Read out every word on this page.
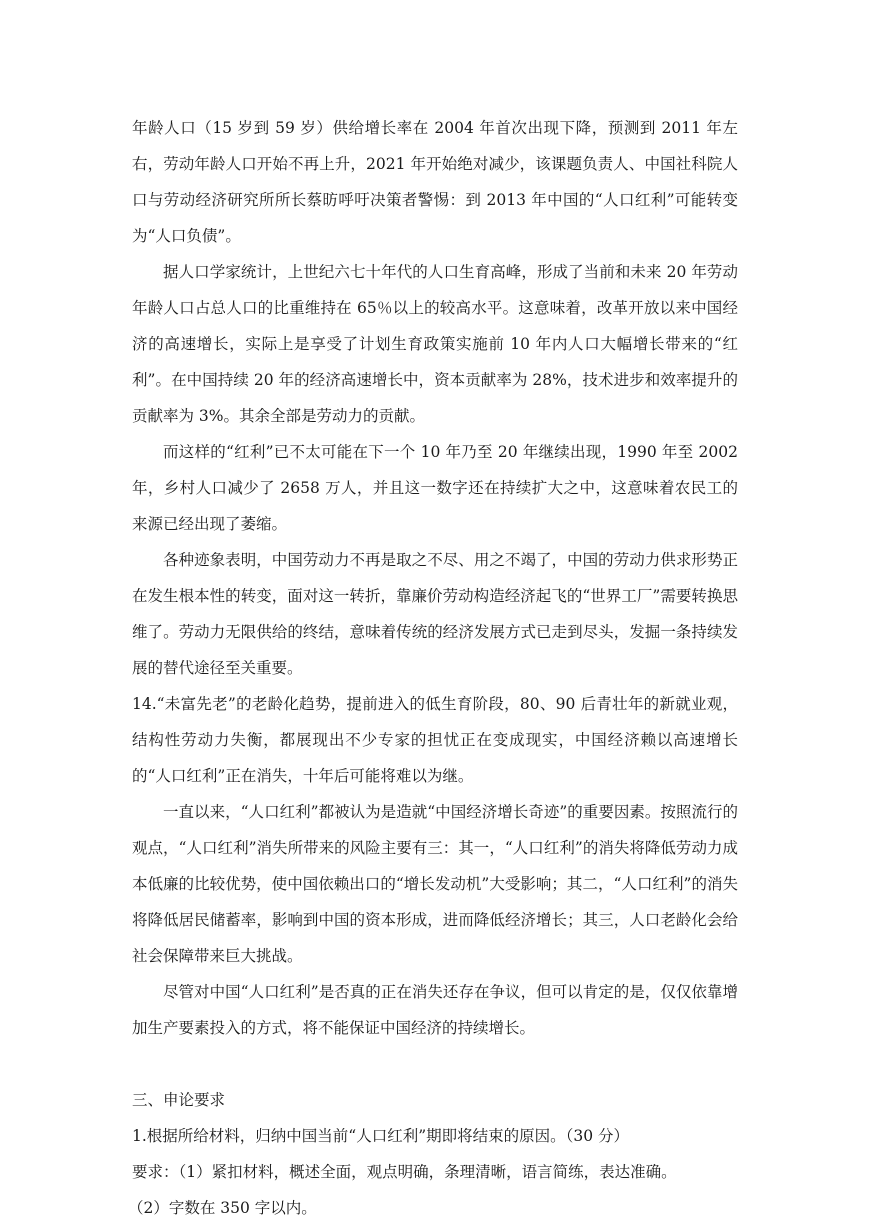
年龄人口（15 岁到 59 岁）供给增长率在 2004 年首次出现下降，预测到 2011 年左右，劳动年龄人口开始不再上升，2021 年开始绝对减少，该课题负责人、中国社科院人口与劳动经济研究所所长蔡昉呼吁决策者警惕：到 2013 年中国的“人口红利”可能转变为“人口负债”。

据人口学家统计，上世纪六七十年代的人口生育高峰，形成了当前和未来 20 年劳动年龄人口占总人口的比重维持在 65％以上的较高水平。这意味着，改革开放以来中国经济的高速增长，实际上是享受了计划生育政策实施前 10 年内人口大幅增长带来的“红利”。在中国持续 20 年的经济高速增长中，资本贡献率为 28%，技术进步和效率提升的贡献率为 3%。其余全部是劳动力的贡献。

而这样的“红利”已不太可能在下一个 10 年乃至 20 年继续出现，1990 年至 2002 年，乡村人口减少了 2658 万人，并且这一数字还在持续扩大之中，这意味着农民工的来源已经出现了萎缩。

各种迹象表明，中国劳动力不再是取之不尽、用之不竭了，中国的劳动力供求形势正在发生根本性的转变，面对这一转折，靠廉价劳动构造经济起飞的“世界工厂”需要转换思维了。劳动力无限供给的终结，意味着传统的经济发展方式已走到尽头，发掘一条持续发展的替代途径至关重要。

14.“未富先老”的老龄化趋势，提前进入的低生育阶段，80、90 后青壮年的新就业观，结构性劳动力失衡，都展现出不少专家的担忧正在变成现实，中国经济赖以高速增长的“人口红利”正在消失，十年后可能将难以为继。

一直以来，“人口红利”都被认为是造就“中国经济增长奇迹”的重要因素。按照流行的观点，“人口红利”消失所带来的风险主要有三：其一，“人口红利”的消失将降低劳动力成本低廉的比较优势，使中国依赖出口的“增长发动机”大受影响；其二，“人口红利”的消失将降低居民储蓄率，影响到中国的资本形成，进而降低经济增长；其三，人口老龄化会给社会保障带来巨大挑战。

尽管对中国“人口红利”是否真的正在消失还存在争议，但可以肯定的是，仅仅依靠增加生产要素投入的方式，将不能保证中国经济的持续增长。

三、申论要求

1.根据所给材料，归纳中国当前“人口红利”期即将结束的原因。（30 分）

要求：（1）紧扣材料，概述全面，观点明确，条理清晰，语言简练，表达准确。

（2）字数在 350 字以内。
